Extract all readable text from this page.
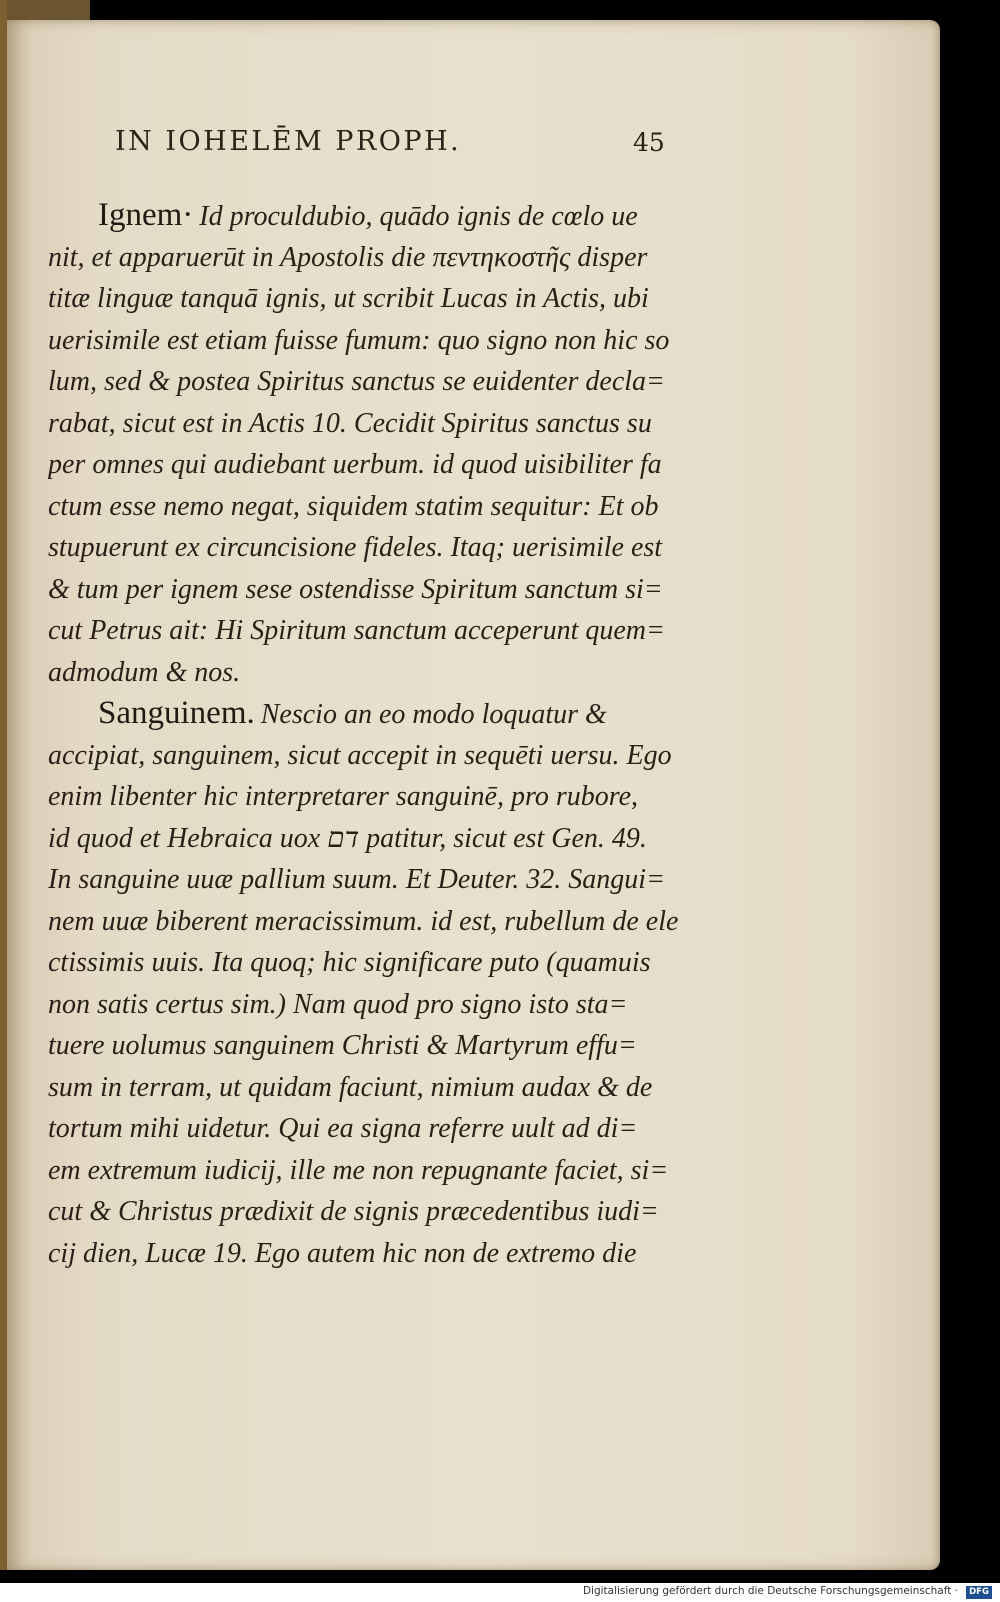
IN IOHELĒM PROPH.	45
Ignem· Id proculdubio, quādo ignis de cœlo ue
nit, et apparuerūt in Apostolis die πεντηκοστῆς disper
titæ linguæ tanquā ignis, ut scribit Lucas in Actis, ubi
uerisimile est etiam fuisse fumum: quo signo non hic so
lum, sed & postea Spiritus sanctus se euidenter decla=
rabat, sicut est in Actis 10. Cecidit Spiritus sanctus su
per omnes qui audiebant uerbum. id quod uisibiliter fa
ctum esse nemo negat, siquidem statim sequitur: Et ob
stupuerunt ex circuncisione fideles. Itaq; uerisimile est
& tum per ignem sese ostendisse Spiritum sanctum si=
cut Petrus ait: Hi Spiritum sanctum acceperunt quem=
admodum & nos.
Sanguinem. Nescio an eo modo loquatur &
accipiat, sanguinem, sicut accepit in sequēti uersu. Ego
enim libenter hic interpretarer sanguinē, pro rubore,
id quod et Hebraica uox דם patitur, sicut est Gen. 49.
In sanguine uuæ pallium suum. Et Deuter. 32. Sangui=
nem uuæ biberent meracissimum. id est, rubellum de ele
ctissimis uuis. Ita quoq; hic significare puto (quamuis
non satis certus sim.) Nam quod pro signo isto sta=
tuere uolumus sanguinem Christi & Martyrum effu=
sum in terram, ut quidam faciunt, nimium audax & de
tortum mihi uidetur. Qui ea signa referre uult ad di=
em extremum iudicij, ille me non repugnante faciet, si=
cut & Christus prædixit de signis præcedentibus iudi=
cij dien, Lucæ 19. Ego autem hic non de extremo die
Digitalisierung gefördert durch die Deutsche Forschungsgemeinschaft ·	DFG
